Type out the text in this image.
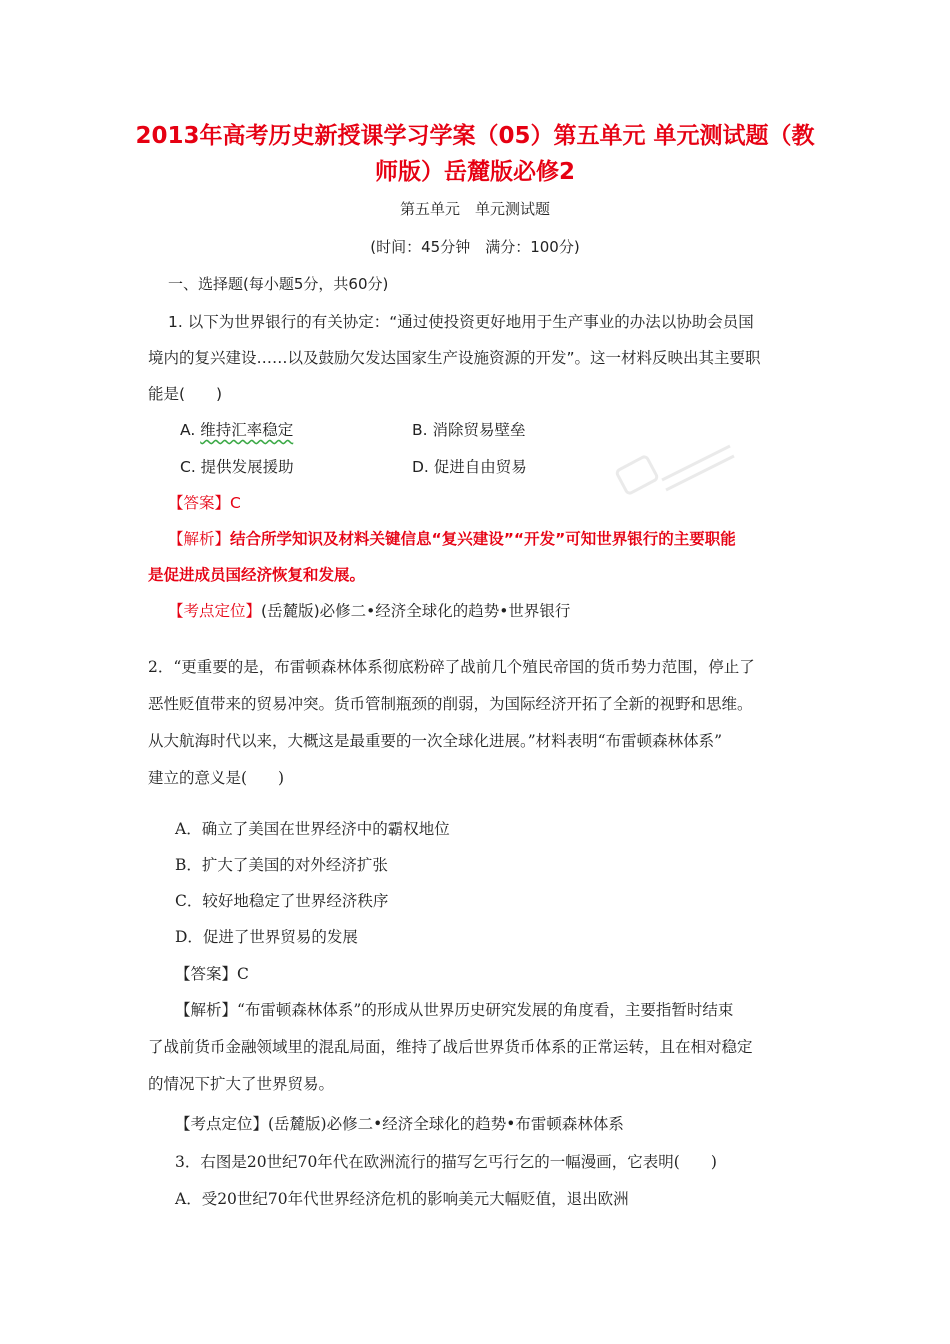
2013年高考历史新授课学习学案（05）第五单元 单元测试题（教
师版）岳麓版必修2
第五单元　单元测试题
(时间：45分钟　满分：100分)
一、选择题(每小题5分，共60分)
1. 以下为世界银行的有关协定：“通过使投资更好地用于生产事业的办法以协助会员国
境内的复兴建设……以及鼓励欠发达国家生产设施资源的开发”。这一材料反映出其主要职
能是(　　)
A. 维持汇率稳定	B. 消除贸易壁垒
C. 提供发展援助	D. 促进自由贸易
【答案】C
【解析】结合所学知识及材料关键信息“复兴建设”“开发”可知世界银行的主要职能
是促进成员国经济恢复和发展。
【考点定位】(岳麓版)必修二•经济全球化的趋势•世界银行
2．“更重要的是，布雷顿森林体系彻底粉碎了战前几个殖民帝国的货币势力范围，停止了
恶性贬值带来的贸易冲突。货币管制瓶颈的削弱，为国际经济开拓了全新的视野和思维。
从大航海时代以来，大概这是最重要的一次全球化进展。”材料表明“布雷顿森林体系”
建立的意义是(　　)
A．确立了美国在世界经济中的霸权地位
B．扩大了美国的对外经济扩张
C．较好地稳定了世界经济秩序
D．促进了世界贸易的发展
【答案】C
【解析】“布雷顿森林体系”的形成从世界历史研究发展的角度看，主要指暂时结束
了战前货币金融领域里的混乱局面，维持了战后世界货币体系的正常运转，且在相对稳定
的情况下扩大了世界贸易。
【考点定位】(岳麓版)必修二•经济全球化的趋势•布雷顿森林体系
3．右图是20世纪70年代在欧洲流行的描写乞丐行乞的一幅漫画，它表明(　　)
A．受20世纪70年代世界经济危机的影响美元大幅贬值，退出欧洲
